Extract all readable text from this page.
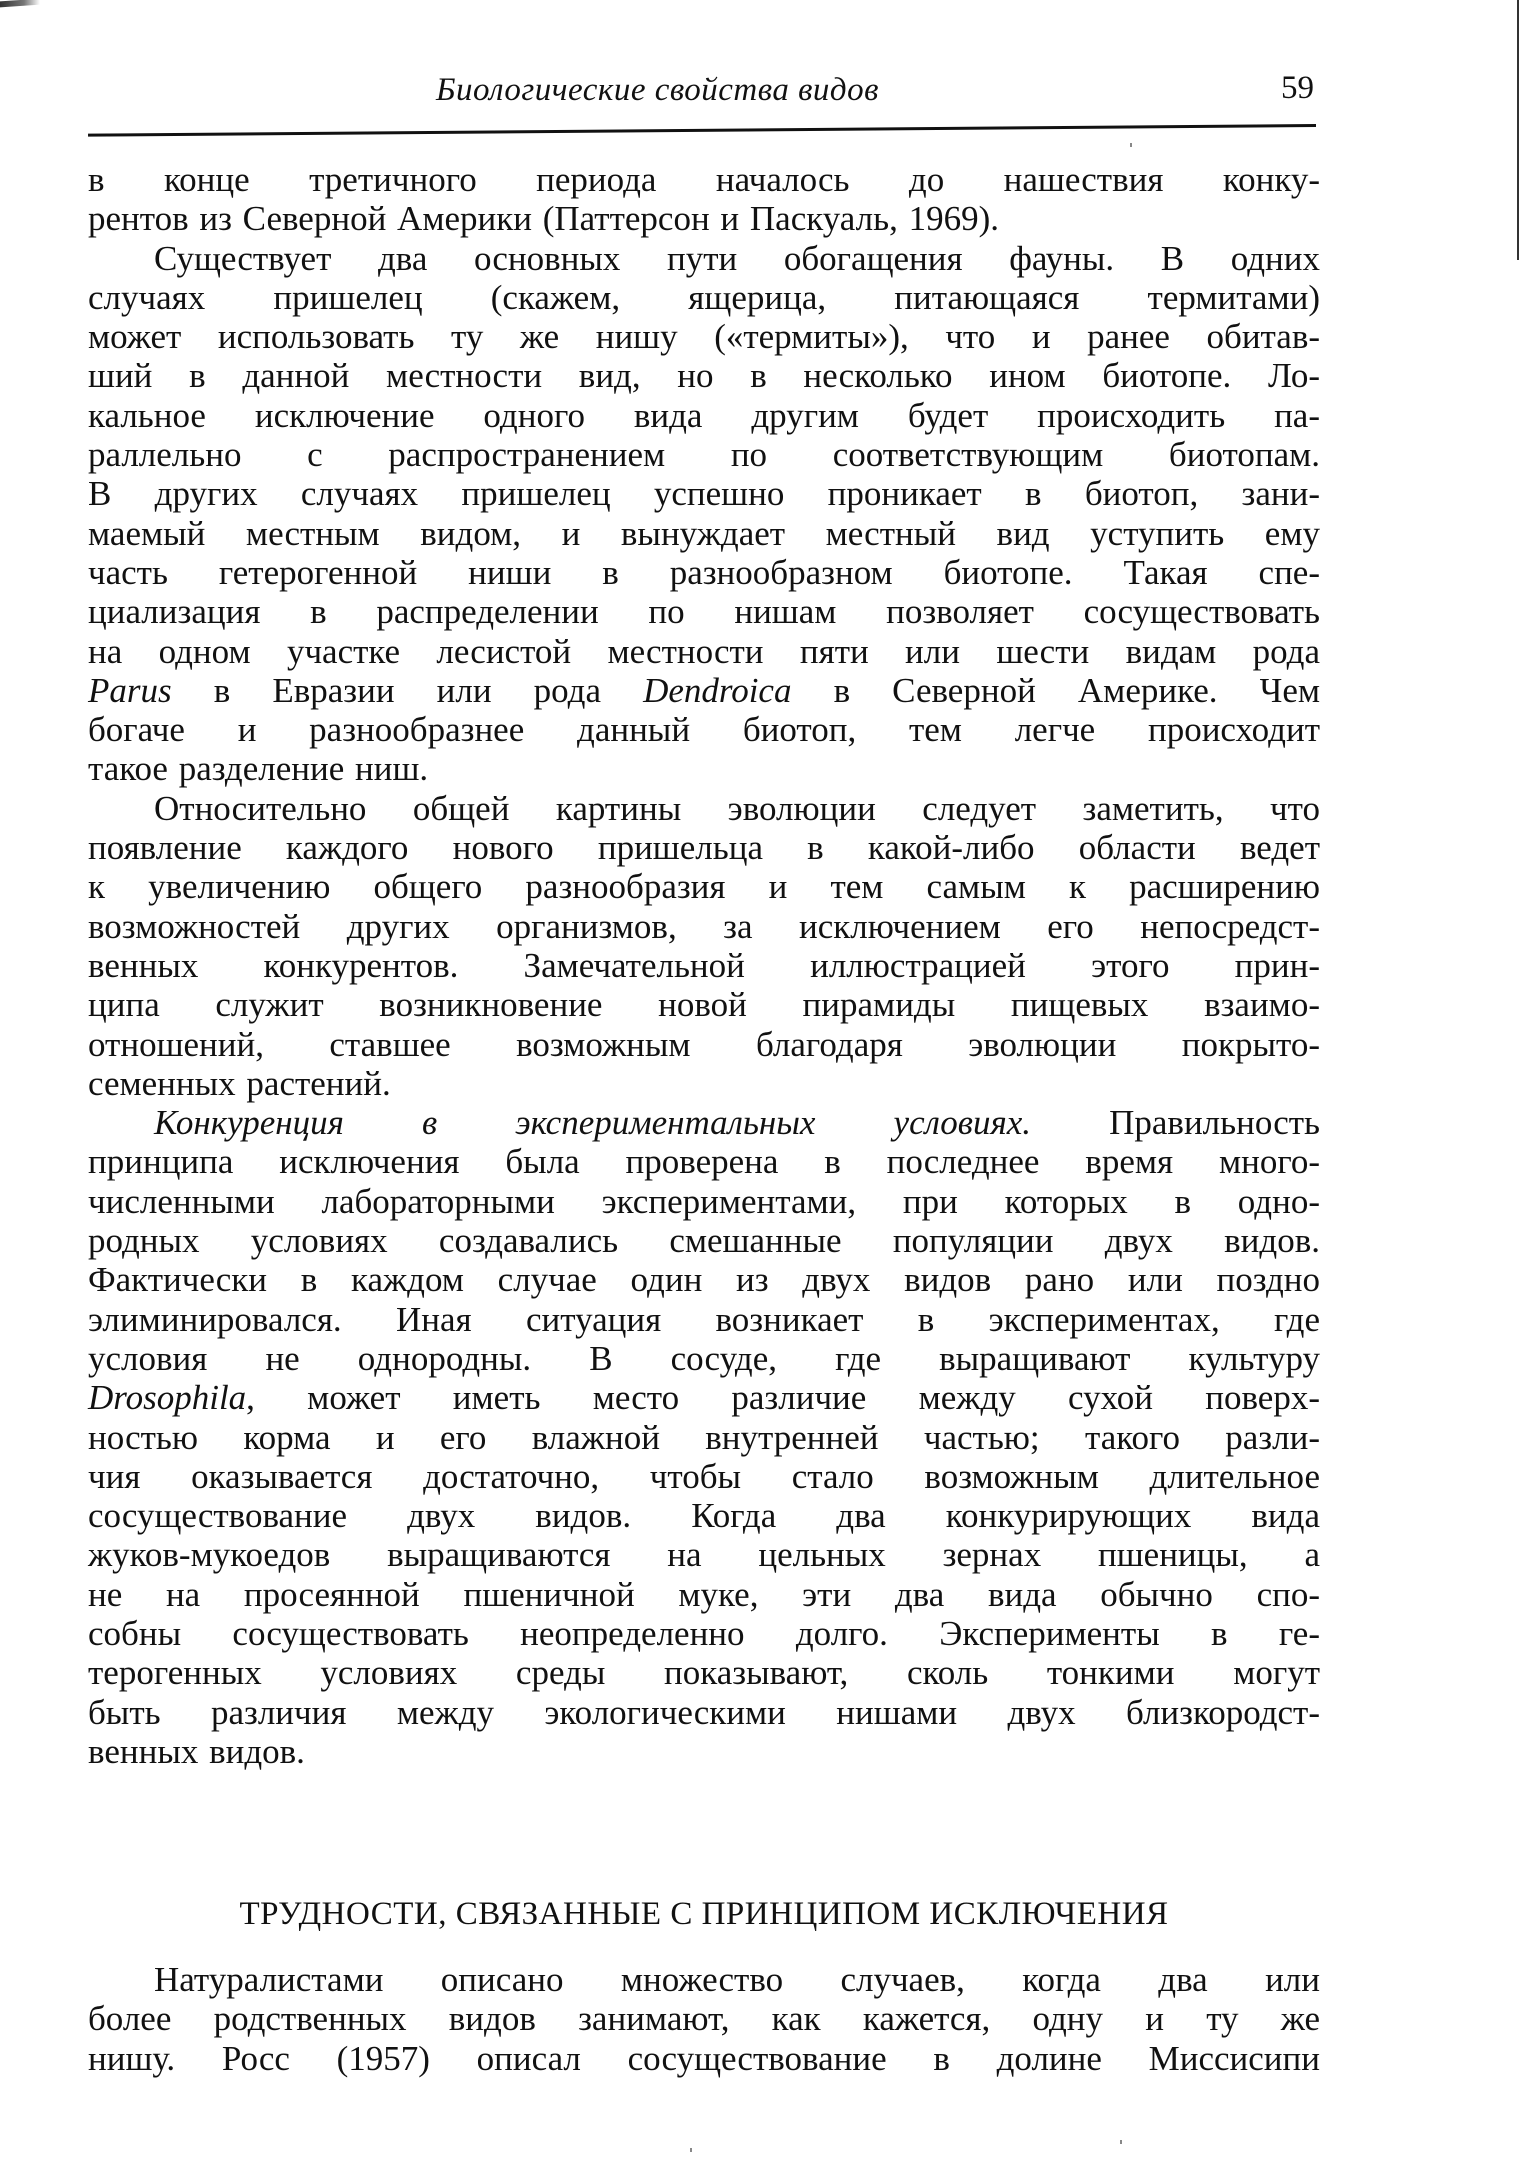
Биологические свойства видов	59
в конце третичного периода началось до нашествия конку-
рентов из Северной Америки (Паттерсон и Паскуаль, 1969).
Существует два основных пути обогащения фауны. В одних
случаях пришелец (скажем, ящерица, питающаяся термитами)
может использовать ту же нишу («термиты»), что и ранее обитав-
ший в данной местности вид, но в несколько ином биотопе. Ло-
кальное исключение одного вида другим будет происходить па-
раллельно с распространением по соответствующим биотопам.
В других случаях пришелец успешно проникает в биотоп, зани-
маемый местным видом, и вынуждает местный вид уступить ему
часть гетерогенной ниши в разнообразном биотопе. Такая спе-
циализация в распределении по нишам позволяет сосуществовать
на одном участке лесистой местности пяти или шести видам рода
Parus в Евразии или рода Dendroica в Северной Америке. Чем
богаче и разнообразнее данный биотоп, тем легче происходит
такое разделение ниш.
Относительно общей картины эволюции следует заметить, что
появление каждого нового пришельца в какой-либо области ведет
к увеличению общего разнообразия и тем самым к расширению
возможностей других организмов, за исключением его непосредст-
венных конкурентов. Замечательной иллюстрацией этого прин-
ципа служит возникновение новой пирамиды пищевых взаимо-
отношений, ставшее возможным благодаря эволюции покрыто-
семенных растений.
Конкуренция в экспериментальных условиях. Правильность
принципа исключения была проверена в последнее время много-
численными лабораторными экспериментами, при которых в одно-
родных условиях создавались смешанные популяции двух видов.
Фактически в каждом случае один из двух видов рано или поздно
элиминировался. Иная ситуация возникает в экспериментах, где
условия не однородны. В сосуде, где выращивают культуру
Drosophila, может иметь место различие между сухой поверх-
ностью корма и его влажной внутренней частью; такого разли-
чия оказывается достаточно, чтобы стало возможным длительное
сосуществование двух видов. Когда два конкурирующих вида
жуков-мукоедов выращиваются на цельных зернах пшеницы, а
не на просеянной пшеничной муке, эти два вида обычно спо-
собны сосуществовать неопределенно долго. Эксперименты в ге-
терогенных условиях среды показывают, сколь тонкими могут
быть различия между экологическими нишами двух близкородст-
венных видов.
ТРУДНОСТИ, СВЯЗАННЫЕ С ПРИНЦИПОМ ИСКЛЮЧЕНИЯ
Натуралистами описано множество случаев, когда два или
более родственных видов занимают, как кажется, одну и ту же
нишу. Росс (1957) описал сосуществование в долине Миссисипи
